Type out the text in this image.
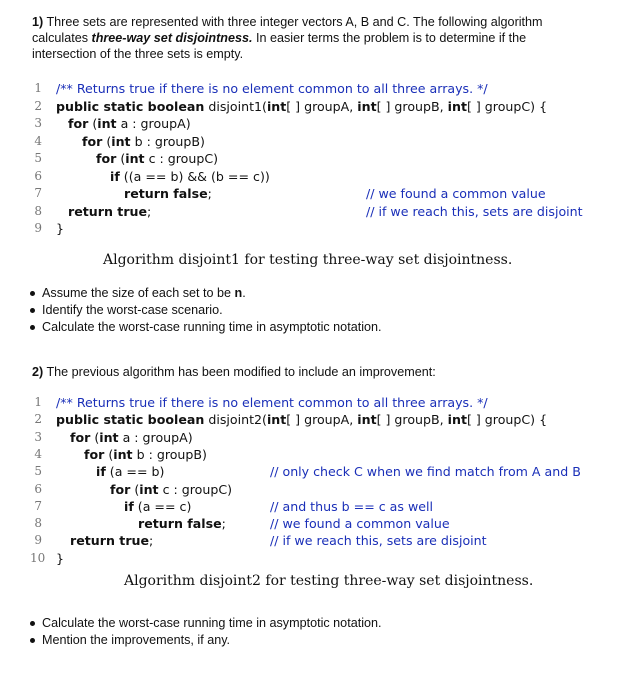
1) Three sets are represented with three integer vectors A, B and C. The following algorithm calculates three-way set disjointness. In easier terms the problem is to determine if the intersection of the three sets is empty.
1 /** Returns true if there is no element common to all three arrays. */
2 public static boolean disjoint1(int[ ] groupA, int[ ] groupB, int[ ] groupC) {
3 for (int a : groupA)
4	for (int b : groupB)
5	for (int c : groupC)
6	if ((a == b) && (b == c))
7	return false;	// we found a common value
8 return true;	// if we reach this, sets are disjoint
9 }
Algorithm disjoint1 for testing three-way set disjointness.
Assume the size of each set to be n.
Identify the worst-case scenario.
Calculate the worst-case running time in asymptotic notation.
2) The previous algorithm has been modified to include an improvement:
1 /** Returns true if there is no element common to all three arrays. */
2 public static boolean disjoint2(int[ ] groupA, int[ ] groupB, int[ ] groupC) {
3 for (int a : groupA)
4	for (int b : groupB)
5	if (a == b)	// only check C when we find match from A and B
6	for (int c : groupC)
7	if (a == c)	// and thus b == c as well
8	return false;	// we found a common value
9 return true;	// if we reach this, sets are disjoint
10 }
Algorithm disjoint2 for testing three-way set disjointness.
Calculate the worst-case running time in asymptotic notation.
Mention the improvements, if any.
